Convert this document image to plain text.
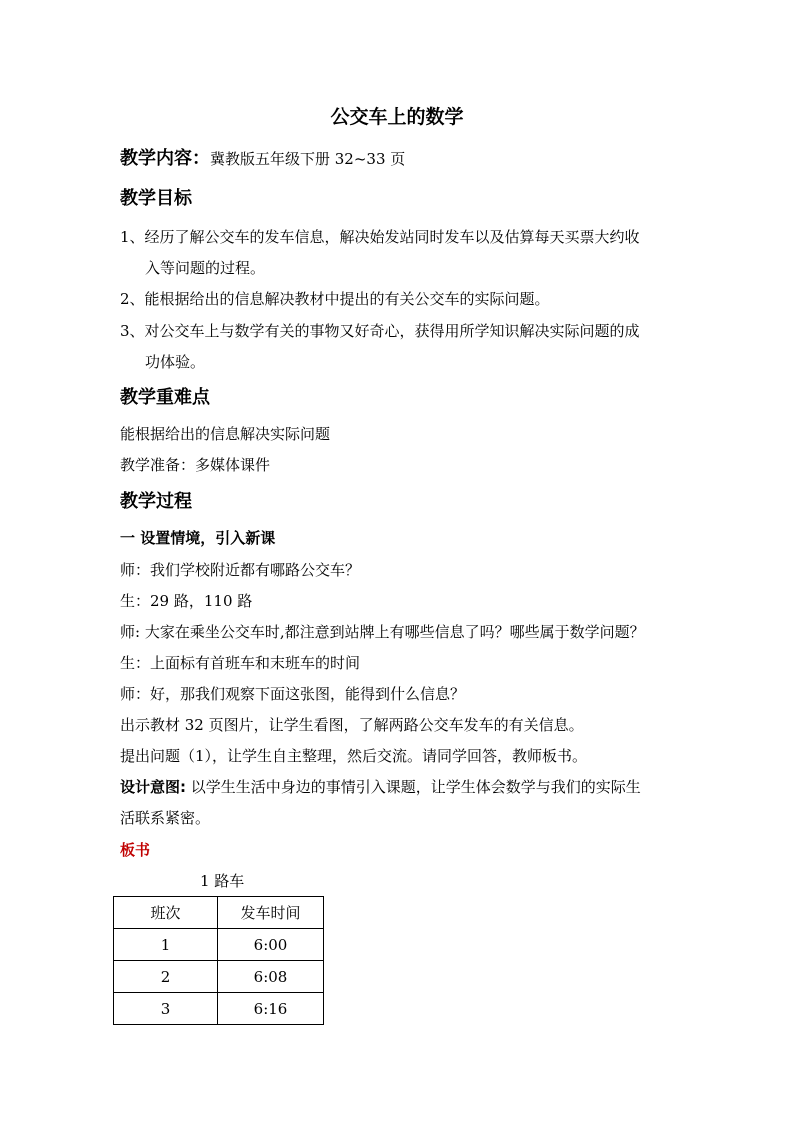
公交车上的数学
教学内容：冀教版五年级下册 32~33 页
教学目标
1、经历了解公交车的发车信息，解决始发站同时发车以及估算每天买票大约收
入等问题的过程。
2、能根据给出的信息解决教材中提出的有关公交车的实际问题。
3、对公交车上与数学有关的事物又好奇心，获得用所学知识解决实际问题的成
功体验。
教学重难点
能根据给出的信息解决实际问题
教学准备：多媒体课件
教学过程
一 设置情境，引入新课
师：我们学校附近都有哪路公交车？
生：29 路，110 路
师: 大家在乘坐公交车时,都注意到站牌上有哪些信息了吗？哪些属于数学问题？
生：上面标有首班车和末班车的时间
师：好，那我们观察下面这张图，能得到什么信息？
出示教材 32 页图片，让学生看图，了解两路公交车发车的有关信息。
提出问题（1），让学生自主整理，然后交流。请同学回答，教师板书。
设计意图: 以学生生活中身边的事情引入课题，让学生体会数学与我们的实际生
活联系紧密。
板书
1 路车
班次	发车时间
1	6:00
2	6:08
3	6:16
